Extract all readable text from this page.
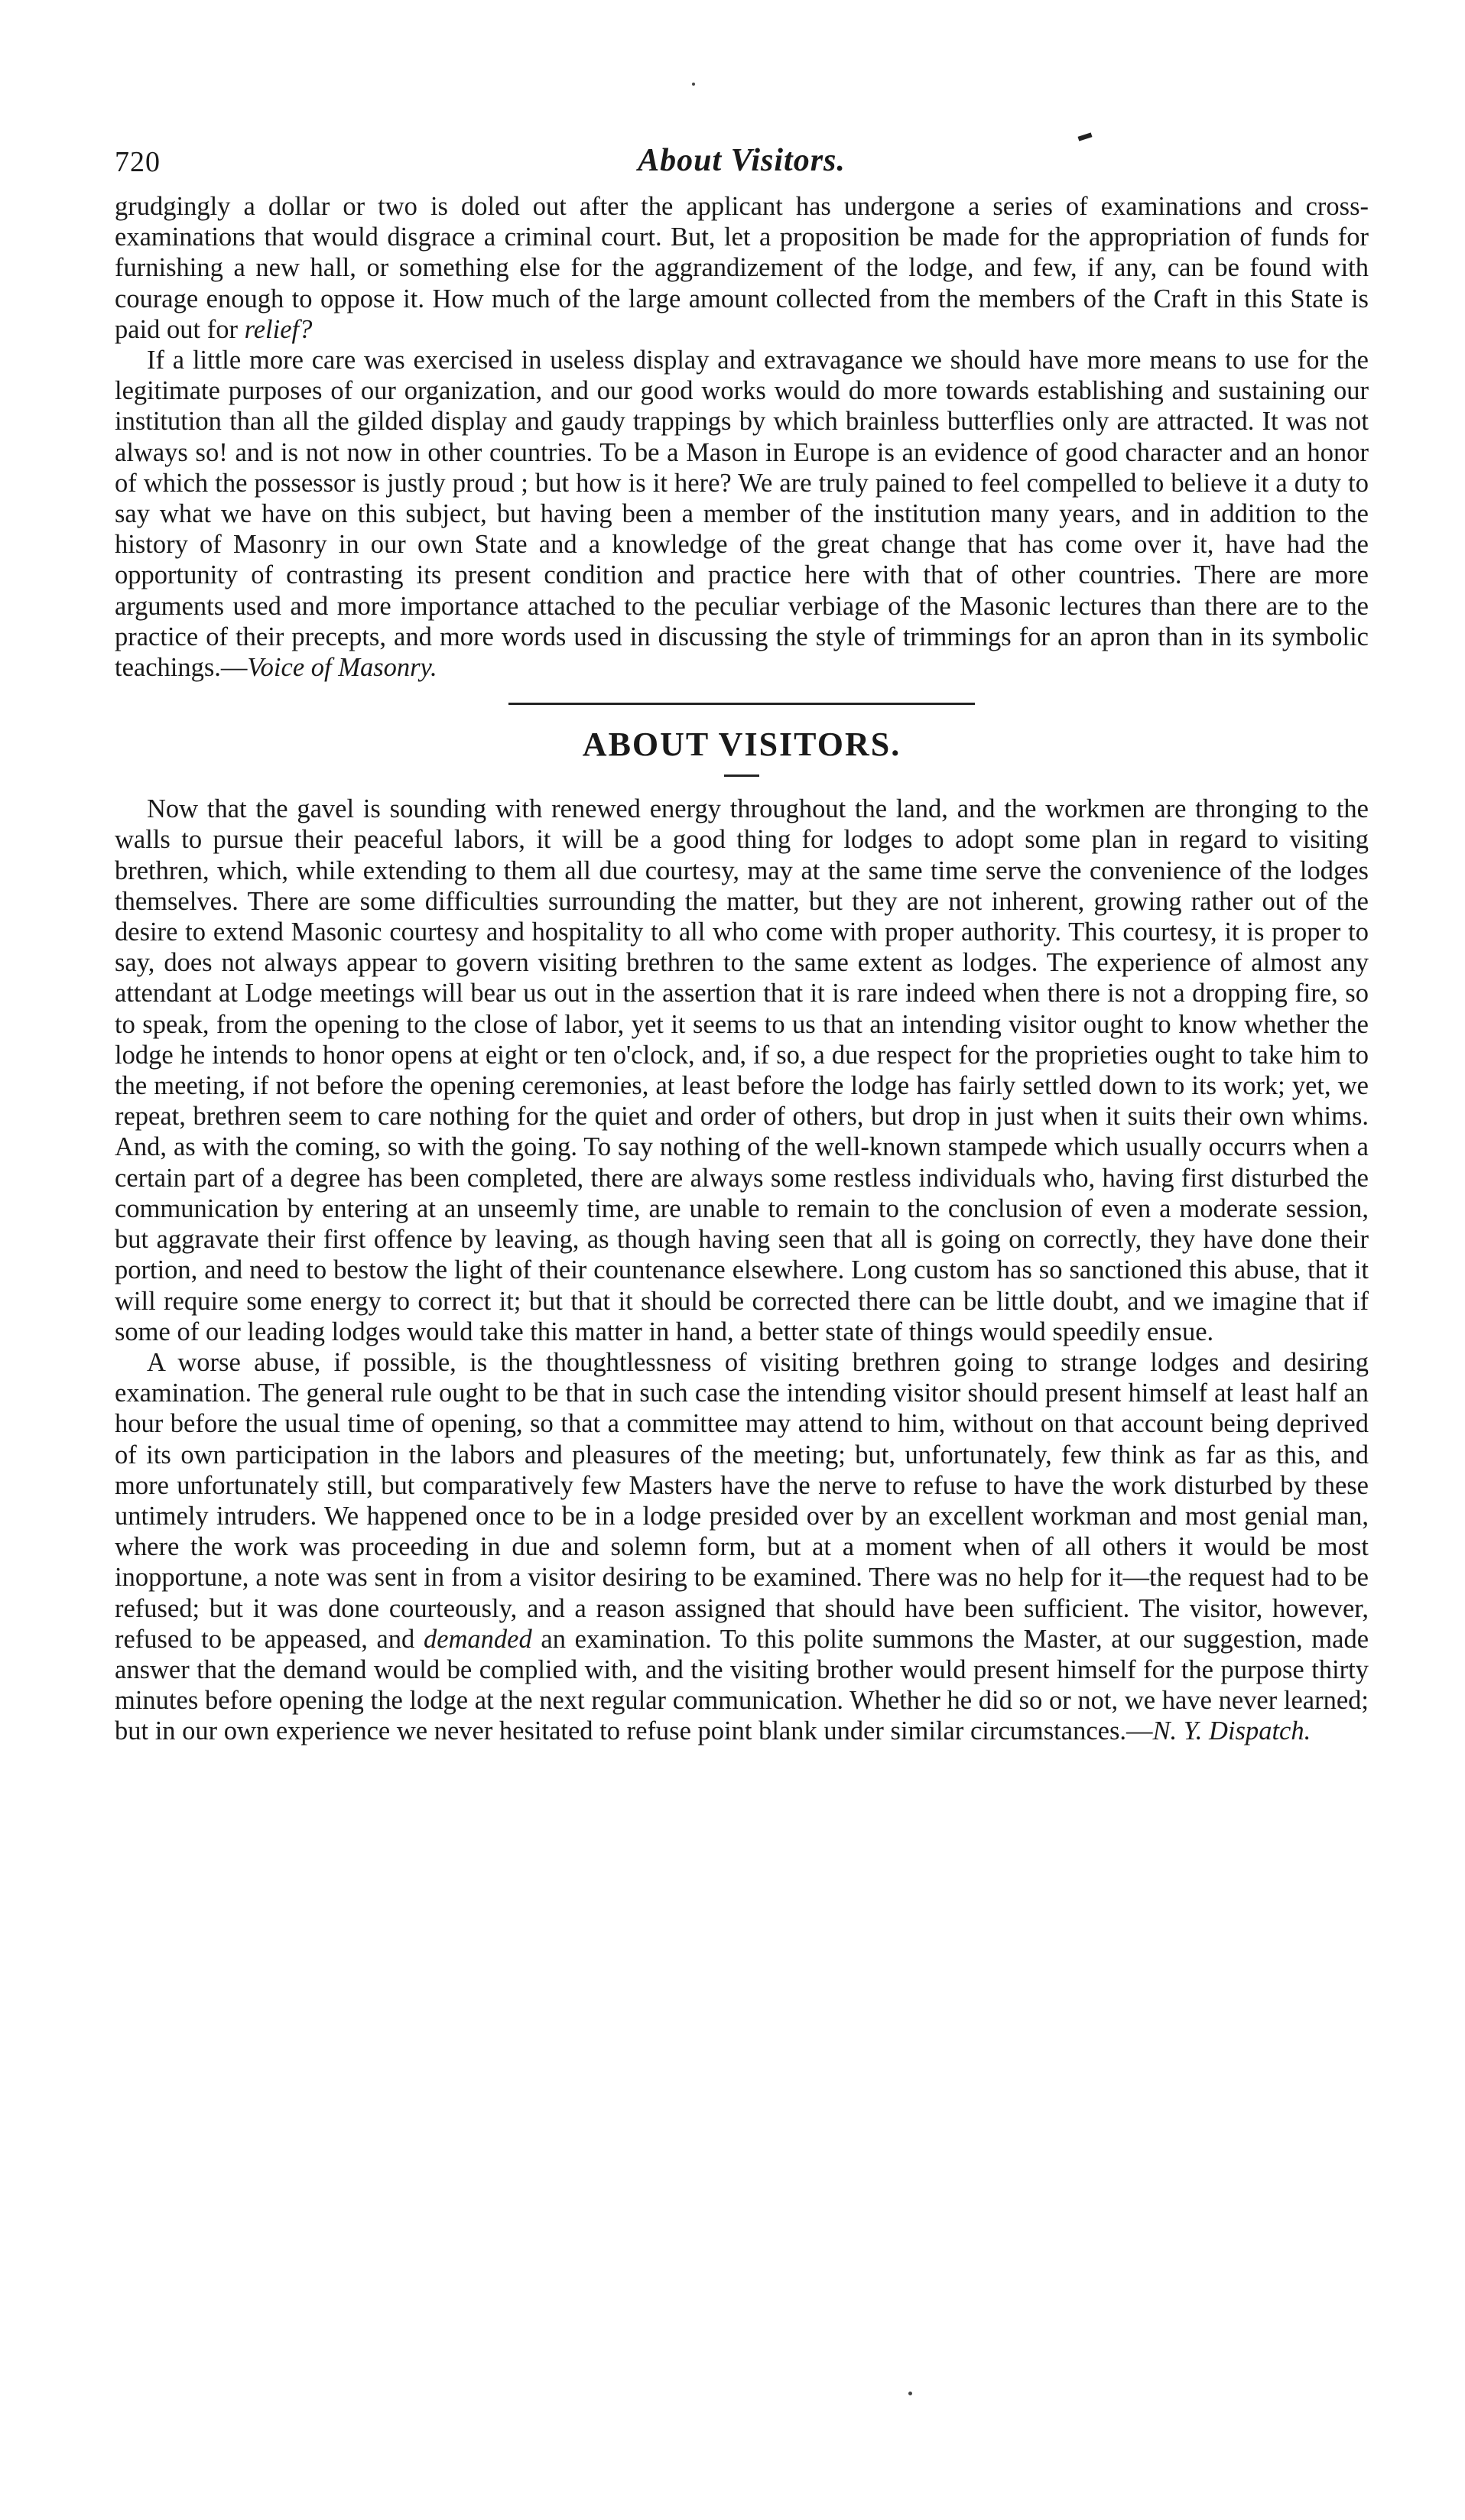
720	About Visitors.

grudgingly a dollar or two is doled out after the applicant has undergone a series of examinations and cross-examinations that would disgrace a criminal court. But, let a proposition be made for the appropriation of funds for furnishing a new hall, or something else for the aggrandizement of the lodge, and few, if any, can be found with courage enough to oppose it. How much of the large amount collected from the members of the Craft in this State is paid out for relief?

If a little more care was exercised in useless display and extravagance we should have more means to use for the legitimate purposes of our organization, and our good works would do more towards establishing and sustaining our institution than all the gilded display and gaudy trappings by which brainless butterflies only are attracted. It was not always so! and is not now in other countries. To be a Mason in Europe is an evidence of good character and an honor of which the possessor is justly proud ; but how is it here? We are truly pained to feel compelled to believe it a duty to say what we have on this subject, but having been a member of the institution many years, and in addition to the history of Masonry in our own State and a knowledge of the great change that has come over it, have had the opportunity of contrasting its present condition and practice here with that of other countries. There are more arguments used and more importance attached to the peculiar verbiage of the Masonic lectures than there are to the practice of their precepts, and more words used in discussing the style of trimmings for an apron than in its symbolic teachings.—Voice of Masonry.

ABOUT VISITORS.

Now that the gavel is sounding with renewed energy throughout the land, and the workmen are thronging to the walls to pursue their peaceful labors, it will be a good thing for lodges to adopt some plan in regard to visiting brethren, which, while extending to them all due courtesy, may at the same time serve the convenience of the lodges themselves. There are some difficulties surrounding the matter, but they are not inherent, growing rather out of the desire to extend Masonic courtesy and hospitality to all who come with proper authority. This courtesy, it is proper to say, does not always appear to govern visiting brethren to the same extent as lodges. The experience of almost any attendant at Lodge meetings will bear us out in the assertion that it is rare indeed when there is not a dropping fire, so to speak, from the opening to the close of labor, yet it seems to us that an intending visitor ought to know whether the lodge he intends to honor opens at eight or ten o'clock, and, if so, a due respect for the proprieties ought to take him to the meeting, if not before the opening ceremonies, at least before the lodge has fairly settled down to its work; yet, we repeat, brethren seem to care nothing for the quiet and order of others, but drop in just when it suits their own whims. And, as with the coming, so with the going. To say nothing of the well-known stampede which usually occurrs when a certain part of a degree has been completed, there are always some restless individuals who, having first disturbed the communication by entering at an unseemly time, are unable to remain to the conclusion of even a moderate session, but aggravate their first offence by leaving, as though having seen that all is going on correctly, they have done their portion, and need to bestow the light of their countenance elsewhere. Long custom has so sanctioned this abuse, that it will require some energy to correct it; but that it should be corrected there can be little doubt, and we imagine that if some of our leading lodges would take this matter in hand, a better state of things would speedily ensue.

A worse abuse, if possible, is the thoughtlessness of visiting brethren going to strange lodges and desiring examination. The general rule ought to be that in such case the intending visitor should present himself at least half an hour before the usual time of opening, so that a committee may attend to him, without on that account being deprived of its own participation in the labors and pleasures of the meeting; but, unfortunately, few think as far as this, and more unfortunately still, but comparatively few Masters have the nerve to refuse to have the work disturbed by these untimely intruders. We happened once to be in a lodge presided over by an excellent workman and most genial man, where the work was proceeding in due and solemn form, but at a moment when of all others it would be most inopportune, a note was sent in from a visitor desiring to be examined. There was no help for it—the request had to be refused; but it was done courteously, and a reason assigned that should have been sufficient. The visitor, however, refused to be appeased, and demanded an examination. To this polite summons the Master, at our suggestion, made answer that the demand would be complied with, and the visiting brother would present himself for the purpose thirty minutes before opening the lodge at the next regular communication. Whether he did so or not, we have never learned; but in our own experience we never hesitated to refuse point blank under similar circumstances.—N. Y. Dispatch.
